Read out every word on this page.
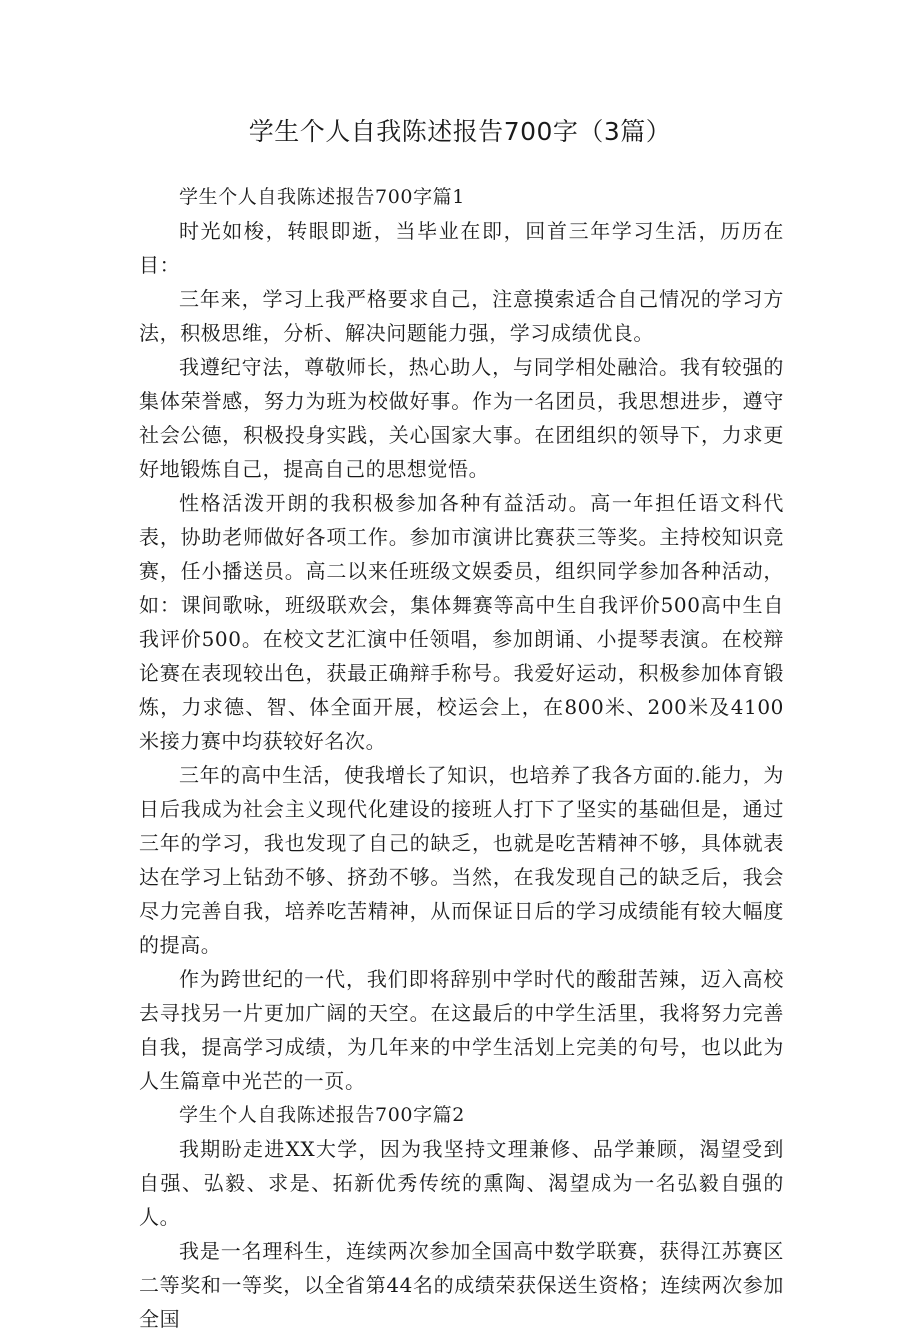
学生个人自我陈述报告700字（3篇）

学生个人自我陈述报告700字篇1

时光如梭，转眼即逝，当毕业在即，回首三年学习生活，历历在目：

三年来，学习上我严格要求自己，注意摸索适合自己情况的学习方法，积极思维，分析、解决问题能力强，学习成绩优良。

我遵纪守法，尊敬师长，热心助人，与同学相处融洽。我有较强的集体荣誉感，努力为班为校做好事。作为一名团员，我思想进步，遵守社会公德，积极投身实践，关心国家大事。在团组织的领导下，力求更好地锻炼自己，提高自己的思想觉悟。

性格活泼开朗的我积极参加各种有益活动。高一年担任语文科代表，协助老师做好各项工作。参加市演讲比赛获三等奖。主持校知识竞赛，任小播送员。高二以来任班级文娱委员，组织同学参加各种活动，如：课间歌咏，班级联欢会，集体舞赛等高中生自我评价500高中生自我评价500。在校文艺汇演中任领唱，参加朗诵、小提琴表演。在校辩论赛在表现较出色，获最正确辩手称号。我爱好运动，积极参加体育锻炼，力求德、智、体全面开展，校运会上，在800米、200米及4100米接力赛中均获较好名次。

三年的高中生活，使我增长了知识，也培养了我各方面的.能力，为日后我成为社会主义现代化建设的接班人打下了坚实的基础但是，通过三年的学习，我也发现了自己的缺乏，也就是吃苦精神不够，具体就表达在学习上钻劲不够、挤劲不够。当然，在我发现自己的缺乏后，我会尽力完善自我，培养吃苦精神，从而保证日后的学习成绩能有较大幅度的提高。

作为跨世纪的一代，我们即将辞别中学时代的酸甜苦辣，迈入高校去寻找另一片更加广阔的天空。在这最后的中学生活里，我将努力完善自我，提高学习成绩，为几年来的中学生活划上完美的句号，也以此为人生篇章中光芒的一页。

学生个人自我陈述报告700字篇2

我期盼走进XX大学，因为我坚持文理兼修、品学兼顾，渴望受到自强、弘毅、求是、拓新优秀传统的熏陶、渴望成为一名弘毅自强的人。

我是一名理科生，连续两次参加全国高中数学联赛，获得江苏赛区二等奖和一等奖，以全省第44名的成绩荣获保送生资格；连续两次参加全国
